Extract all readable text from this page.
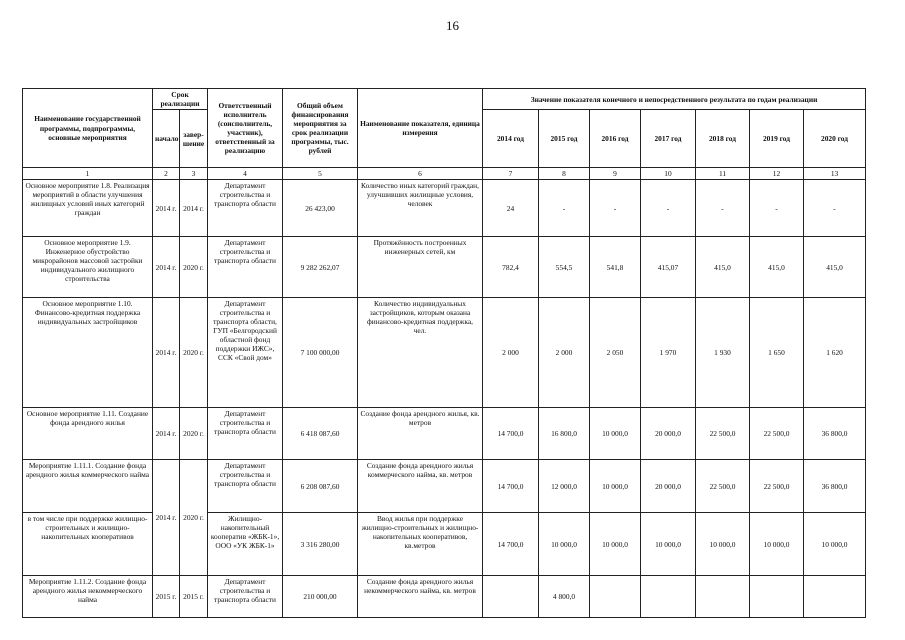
16
Наименование государственной программы, подпрограммы, основные мероприятия	Срок реализации		Ответственный исполнитель (соисполнитель, участник), ответственный за реализацию	Общий объем финансирования мероприятия за срок реализации программы, тыс. рублей	Наименование показателя, единица измерения	Значение показателя конечного и непосредственного результата по годам реализации						
	начало	завер-шение				2014 год	2015 год	2016 год	2017 год	2018 год	2019 год	2020 год
1	2	3	4	5	6	7	8	9	10	11	12	13
Основное мероприятие 1.8. Реализация мероприятий в области улучшения жилищных условий иных категорий граждан	2014 г.	2014 г.	Департамент строительства и транспорта области	26 423,00	Количество иных категорий граждан, улучшивших жилищные условия, человек	24	-	-	-	-	-	-
Основное мероприятие 1.9. Инженерное обустройство микрорайонов массовой застройки индивидуального жилищного строительства	2014 г.	2020 г.	Департамент строительства и транспорта области	9 282 262,07	Протяжённость построенных инженерных сетей, км	782,4	554,5	541,8	415,07	415,0	415,0	415,0
Основное мероприятие 1.10. Финансово-кредитная поддержка индивидуальных застройщиков	2014 г.	2020 г.	Департамент строительства и транспорта области, ГУП «Белгородский областной фонд поддержки ИЖС», ССК «Свой дом»	7 100 000,00	Количество индивидуальных застройщиков, которым оказана финансово-кредитная поддержка, чел.	2 000	2 000	2 050	1 970	1 930	1 650	1 620
Основное мероприятие 1.11. Создание фонда арендного жилья	2014 г.	2020 г.	Департамент строительства и транспорта области	6 418 087,60	Создание фонда арендного жилья, кв. метров	14 700,0	16 800,0	10 000,0	20 000,0	22 500,0	22 500,0	36 800,0
Мероприятие 1.11.1. Создание фонда арендного жилья коммерческого найма	2014 г.	2020 г.	Департамент строительства и транспорта области	6 208 087,60	Создание фонда арендного жилья коммерческого найма, кв. метров	14 700,0	12 000,0	10 000,0	20 000,0	22 500,0	22 500,0	36 800,0
в том числе при поддержке жилищно-строительных и жилищно-накопительных кооперативов			Жилищно-накопительный кооператив «ЖБК-1», ООО «УК ЖБК-1»	3 316 280,00	Ввод жилья при поддержке жилищно-строительных и жилищно-накопительных кооперативов, кв.метров	14 700,0	10 000,0	10 000,0	10 000,0	10 000,0	10 000,0	10 000,0
Мероприятие 1.11.2. Создание фонда арендного жилья некоммерческого найма	2015 г.	2015 г.	Департамент строительства и транспорта области	210 000,00	Создание фонда арендного жилья некоммерческого найма, кв. метров		4 800,0					
